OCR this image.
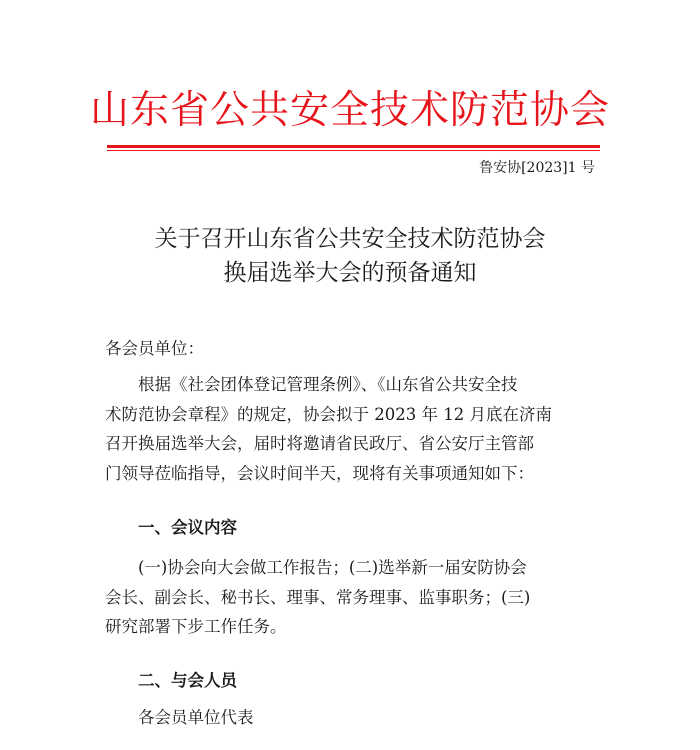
山东省公共安全技术防范协会
鲁安协[2023]1 号
关于召开山东省公共安全技术防范协会
换届选举大会的预备通知
各会员单位：
根据《社会团体登记管理条例》、《山东省公共安全技
术防范协会章程》的规定，协会拟于 2023 年 12 月底在济南
召开换届选举大会，届时将邀请省民政厅、省公安厅主管部
门领导莅临指导，会议时间半天，现将有关事项通知如下：
一、会议内容
(一)协会向大会做工作报告；(二)选举新一届安防协会
会长、副会长、秘书长、理事、常务理事、监事职务；(三)
研究部署下步工作任务。
二、与会人员
各会员单位代表
